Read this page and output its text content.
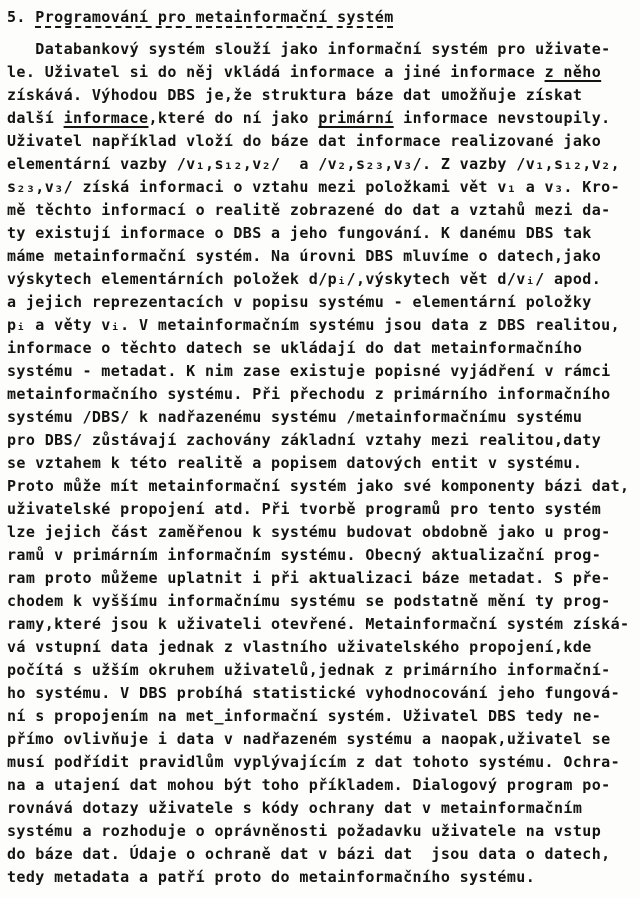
5. Programování pro metainformační systém
Databankový systém slouží jako informační systém pro uživate-
le. Uživatel si do něj vkládá informace a jiné informace z něho
získává. Výhodou DBS je,že struktura báze dat umožňuje získat
další informace,které do ní jako primární informace nevstoupily.
Uživatel například vloží do báze dat informace realizované jako
elementární vazby /v₁,s₁₂,v₂/  a /v₂,s₂₃,v₃/. Z vazby /v₁,s₁₂,v₂,
s₂₃,v₃/ získá informaci o vztahu mezi položkami vět v₁ a v₃. Kro-
mě těchto informací o realitě zobrazené do dat a vztahů mezi da-
ty existují informace o DBS a jeho fungování. K danému DBS tak
máme metainformační systém. Na úrovni DBS mluvíme o datech,jako
výskytech elementárních položek d/pᵢ/,výskytech vět d/vᵢ/ apod.
a jejich reprezentacích v popisu systému - elementární položky
pᵢ a věty vᵢ. V metainformačním systému jsou data z DBS realitou,
informace o těchto datech se ukládají do dat metainformačního
systému - metadat. K nim zase existuje popisné vyjádření v rámci
metainformačního systému. Při přechodu z primárního informačního
systému /DBS/ k nadřazenému systému /metainformačnímu systému
pro DBS/ zůstávají zachovány základní vztahy mezi realitou,daty
se vztahem k této realitě a popisem datových entit v systému.
Proto může mít metainformační systém jako své komponenty bázi dat,
uživatelské propojení atd. Při tvorbě programů pro tento systém
lze jejich část zaměřenou k systému budovat obdobně jako u prog-
ramů v primárním informačním systému. Obecný aktualizační prog-
ram proto můžeme uplatnit i při aktualizaci báze metadat. S pře-
chodem k vyššímu informačnímu systému se podstatně mění ty prog-
ramy,které jsou k uživateli otevřené. Metainformační systém získá-
vá vstupní data jednak z vlastního uživatelského propojení,kde
počítá s užším okruhem uživatelů,jednak z primárního informační-
ho systému. V DBS probíhá statistické vyhodnocování jeho fungová-
ní s propojením na met_informační systém. Uživatel DBS tedy ne-
přímo ovlivňuje i data v nadřazeném systému a naopak,uživatel se
musí podřídit pravidlům vyplývajícím z dat tohoto systému. Ochra-
na a utajení dat mohou být toho příkladem. Dialogový program po-
rovnává dotazy uživatele s kódy ochrany dat v metainformačním
systému a rozhoduje o oprávněnosti požadavku uživatele na vstup
do báze dat. Údaje o ochraně dat v bázi dat  jsou data o datech,
tedy metadata a patří proto do metainformačního systému.
